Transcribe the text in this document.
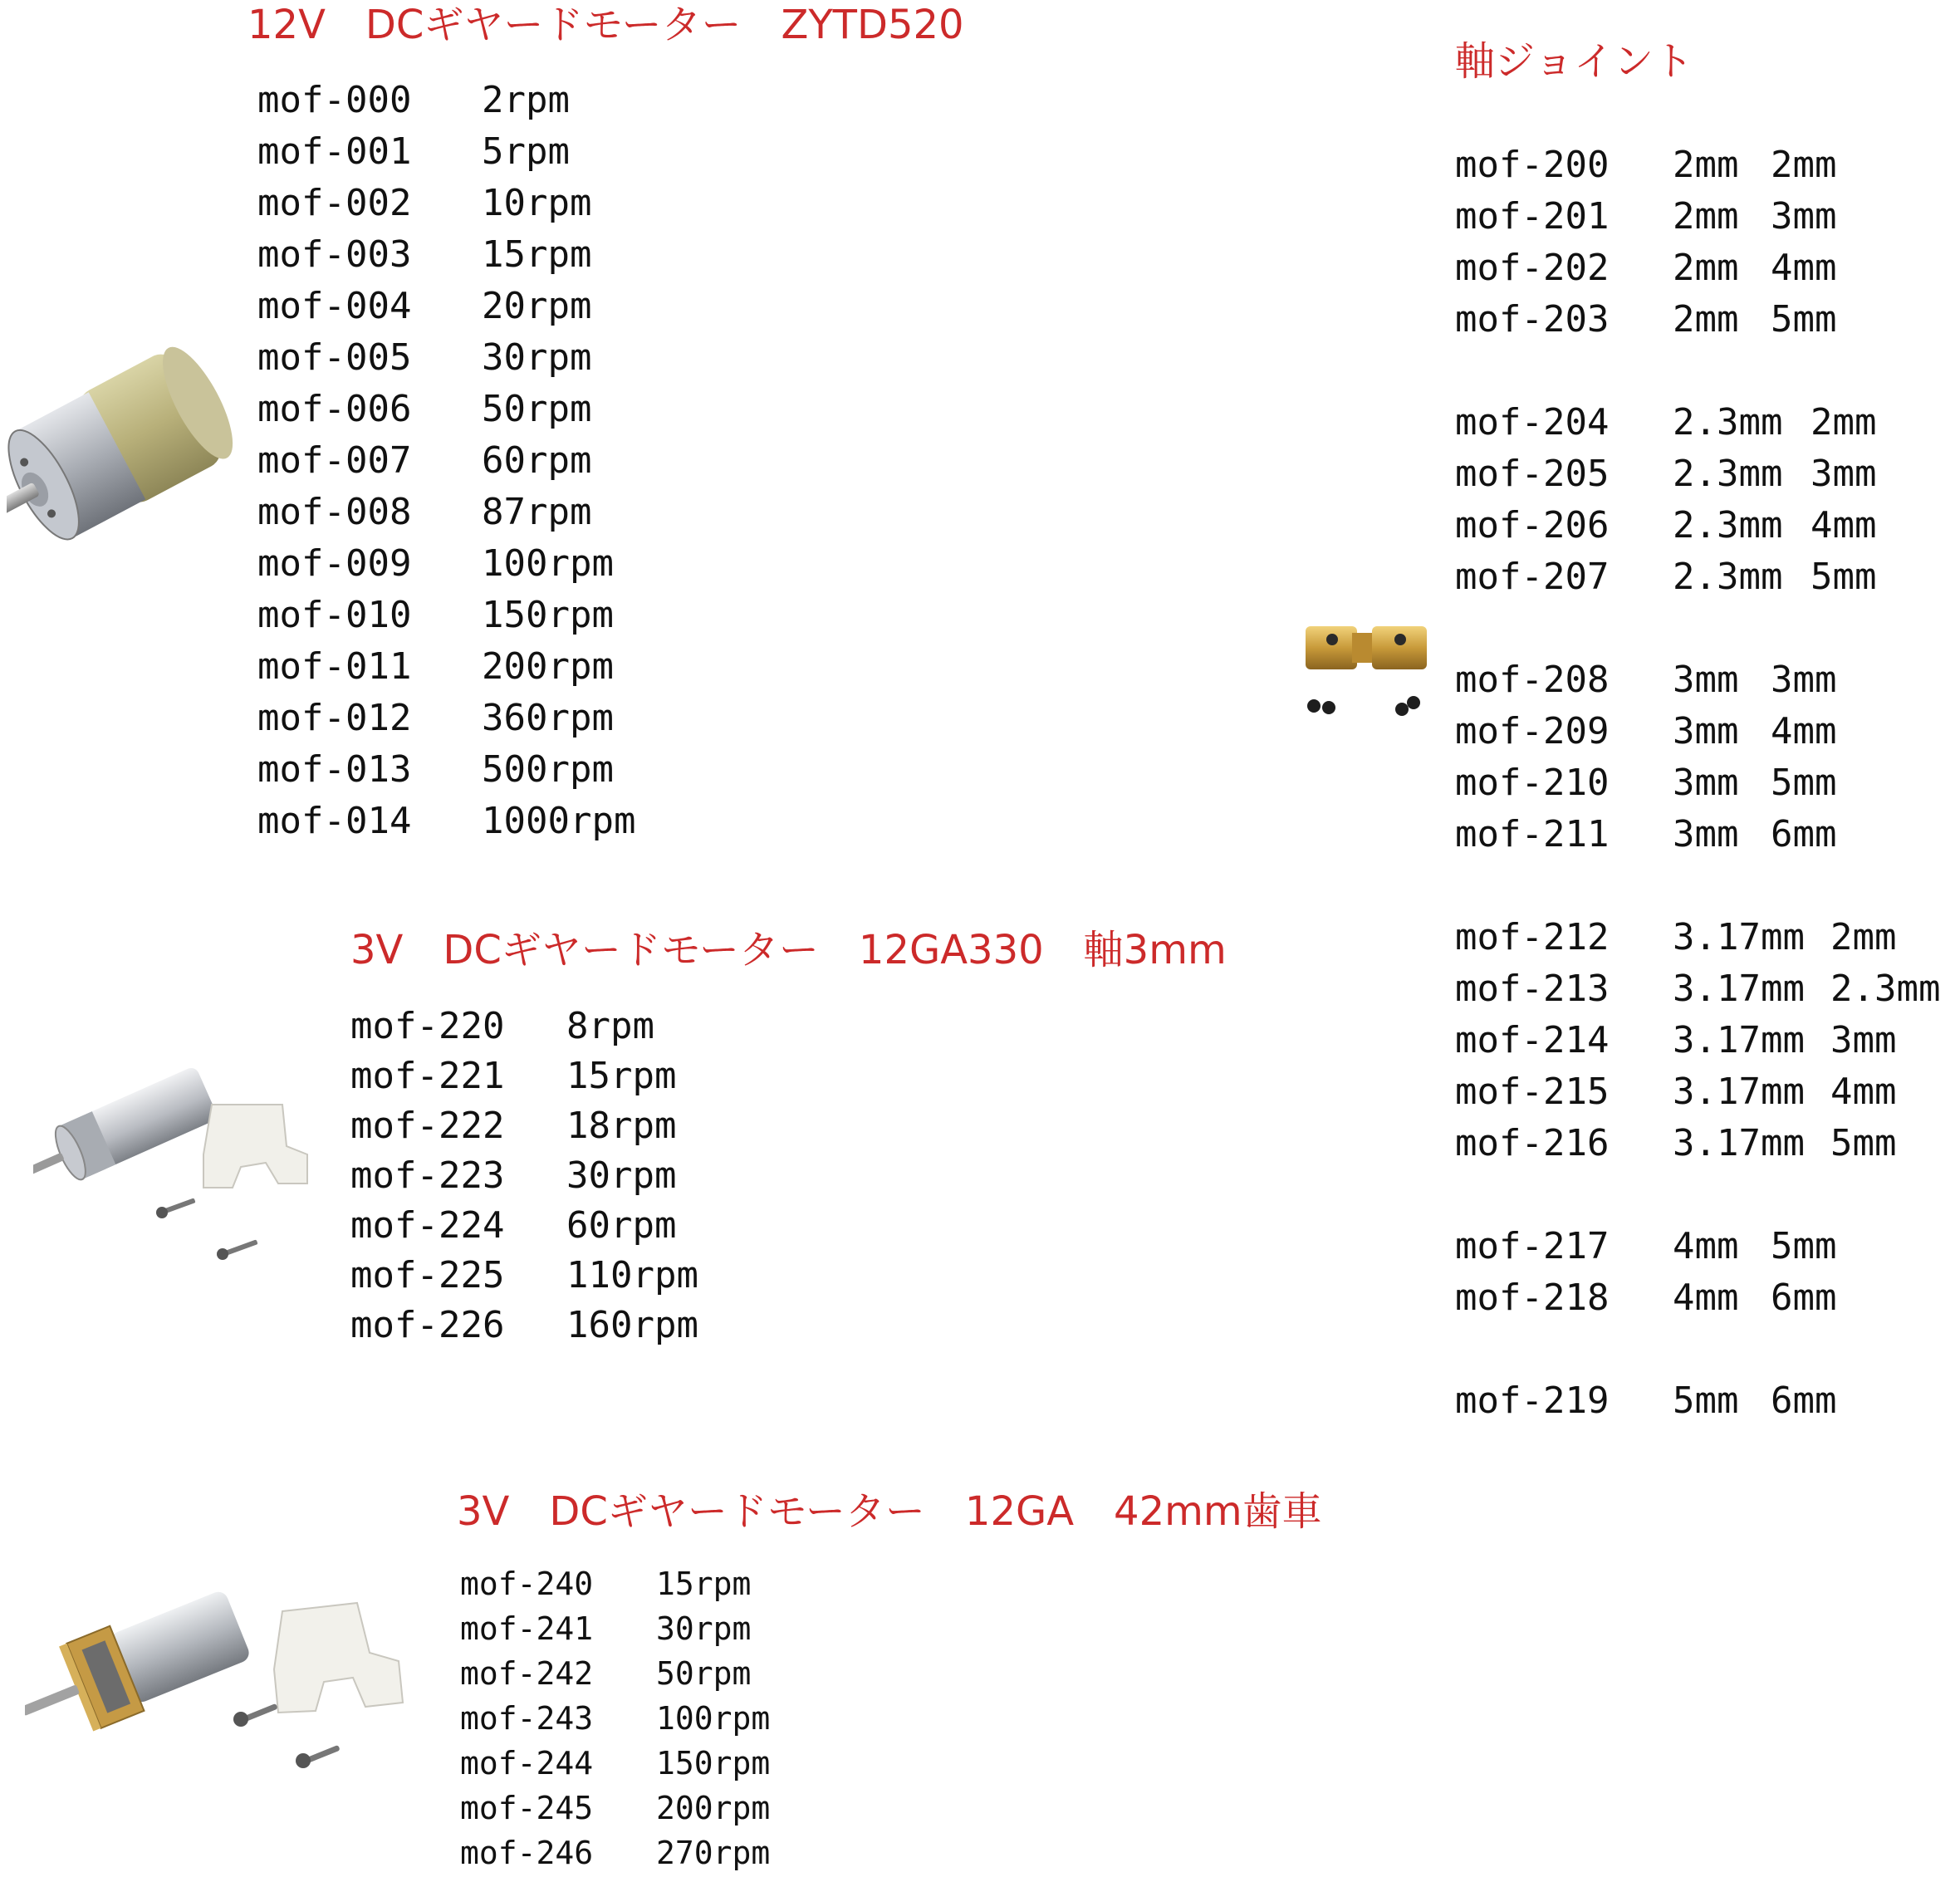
12V　DCギヤードモーター　ZYTD520
mof-000 2rpm
mof-001 5rpm
mof-002 10rpm
mof-003 15rpm
mof-004 20rpm
mof-005 30rpm
mof-006 50rpm
mof-007 60rpm
mof-008 87rpm
mof-009 100rpm
mof-010 150rpm
mof-011 200rpm
mof-012 360rpm
mof-013 500rpm
mof-014 1000rpm
3V　DCギヤードモーター　12GA330　軸3mm
mof-220 8rpm
mof-221 15rpm
mof-222 18rpm
mof-223 30rpm
mof-224 60rpm
mof-225 110rpm
mof-226 160rpm
3V　DCギヤードモーター　12GA　42mm歯車
mof-240 15rpm
mof-241 30rpm
mof-242 50rpm
mof-243 100rpm
mof-244 150rpm
mof-245 200rpm
mof-246 270rpm
軸ジョイント
mof-200 2mm 2mm
mof-201 2mm 3mm
mof-202 2mm 4mm
mof-203 2mm 5mm
mof-204 2.3mm 2mm
mof-205 2.3mm 3mm
mof-206 2.3mm 4mm
mof-207 2.3mm 5mm
mof-208 3mm 3mm
mof-209 3mm 4mm
mof-210 3mm 5mm
mof-211 3mm 6mm
mof-212 3.17mm 2mm
mof-213 3.17mm 2.3mm
mof-214 3.17mm 3mm
mof-215 3.17mm 4mm
mof-216 3.17mm 5mm
mof-217 4mm 5mm
mof-218 4mm 6mm
mof-219 5mm 6mm
